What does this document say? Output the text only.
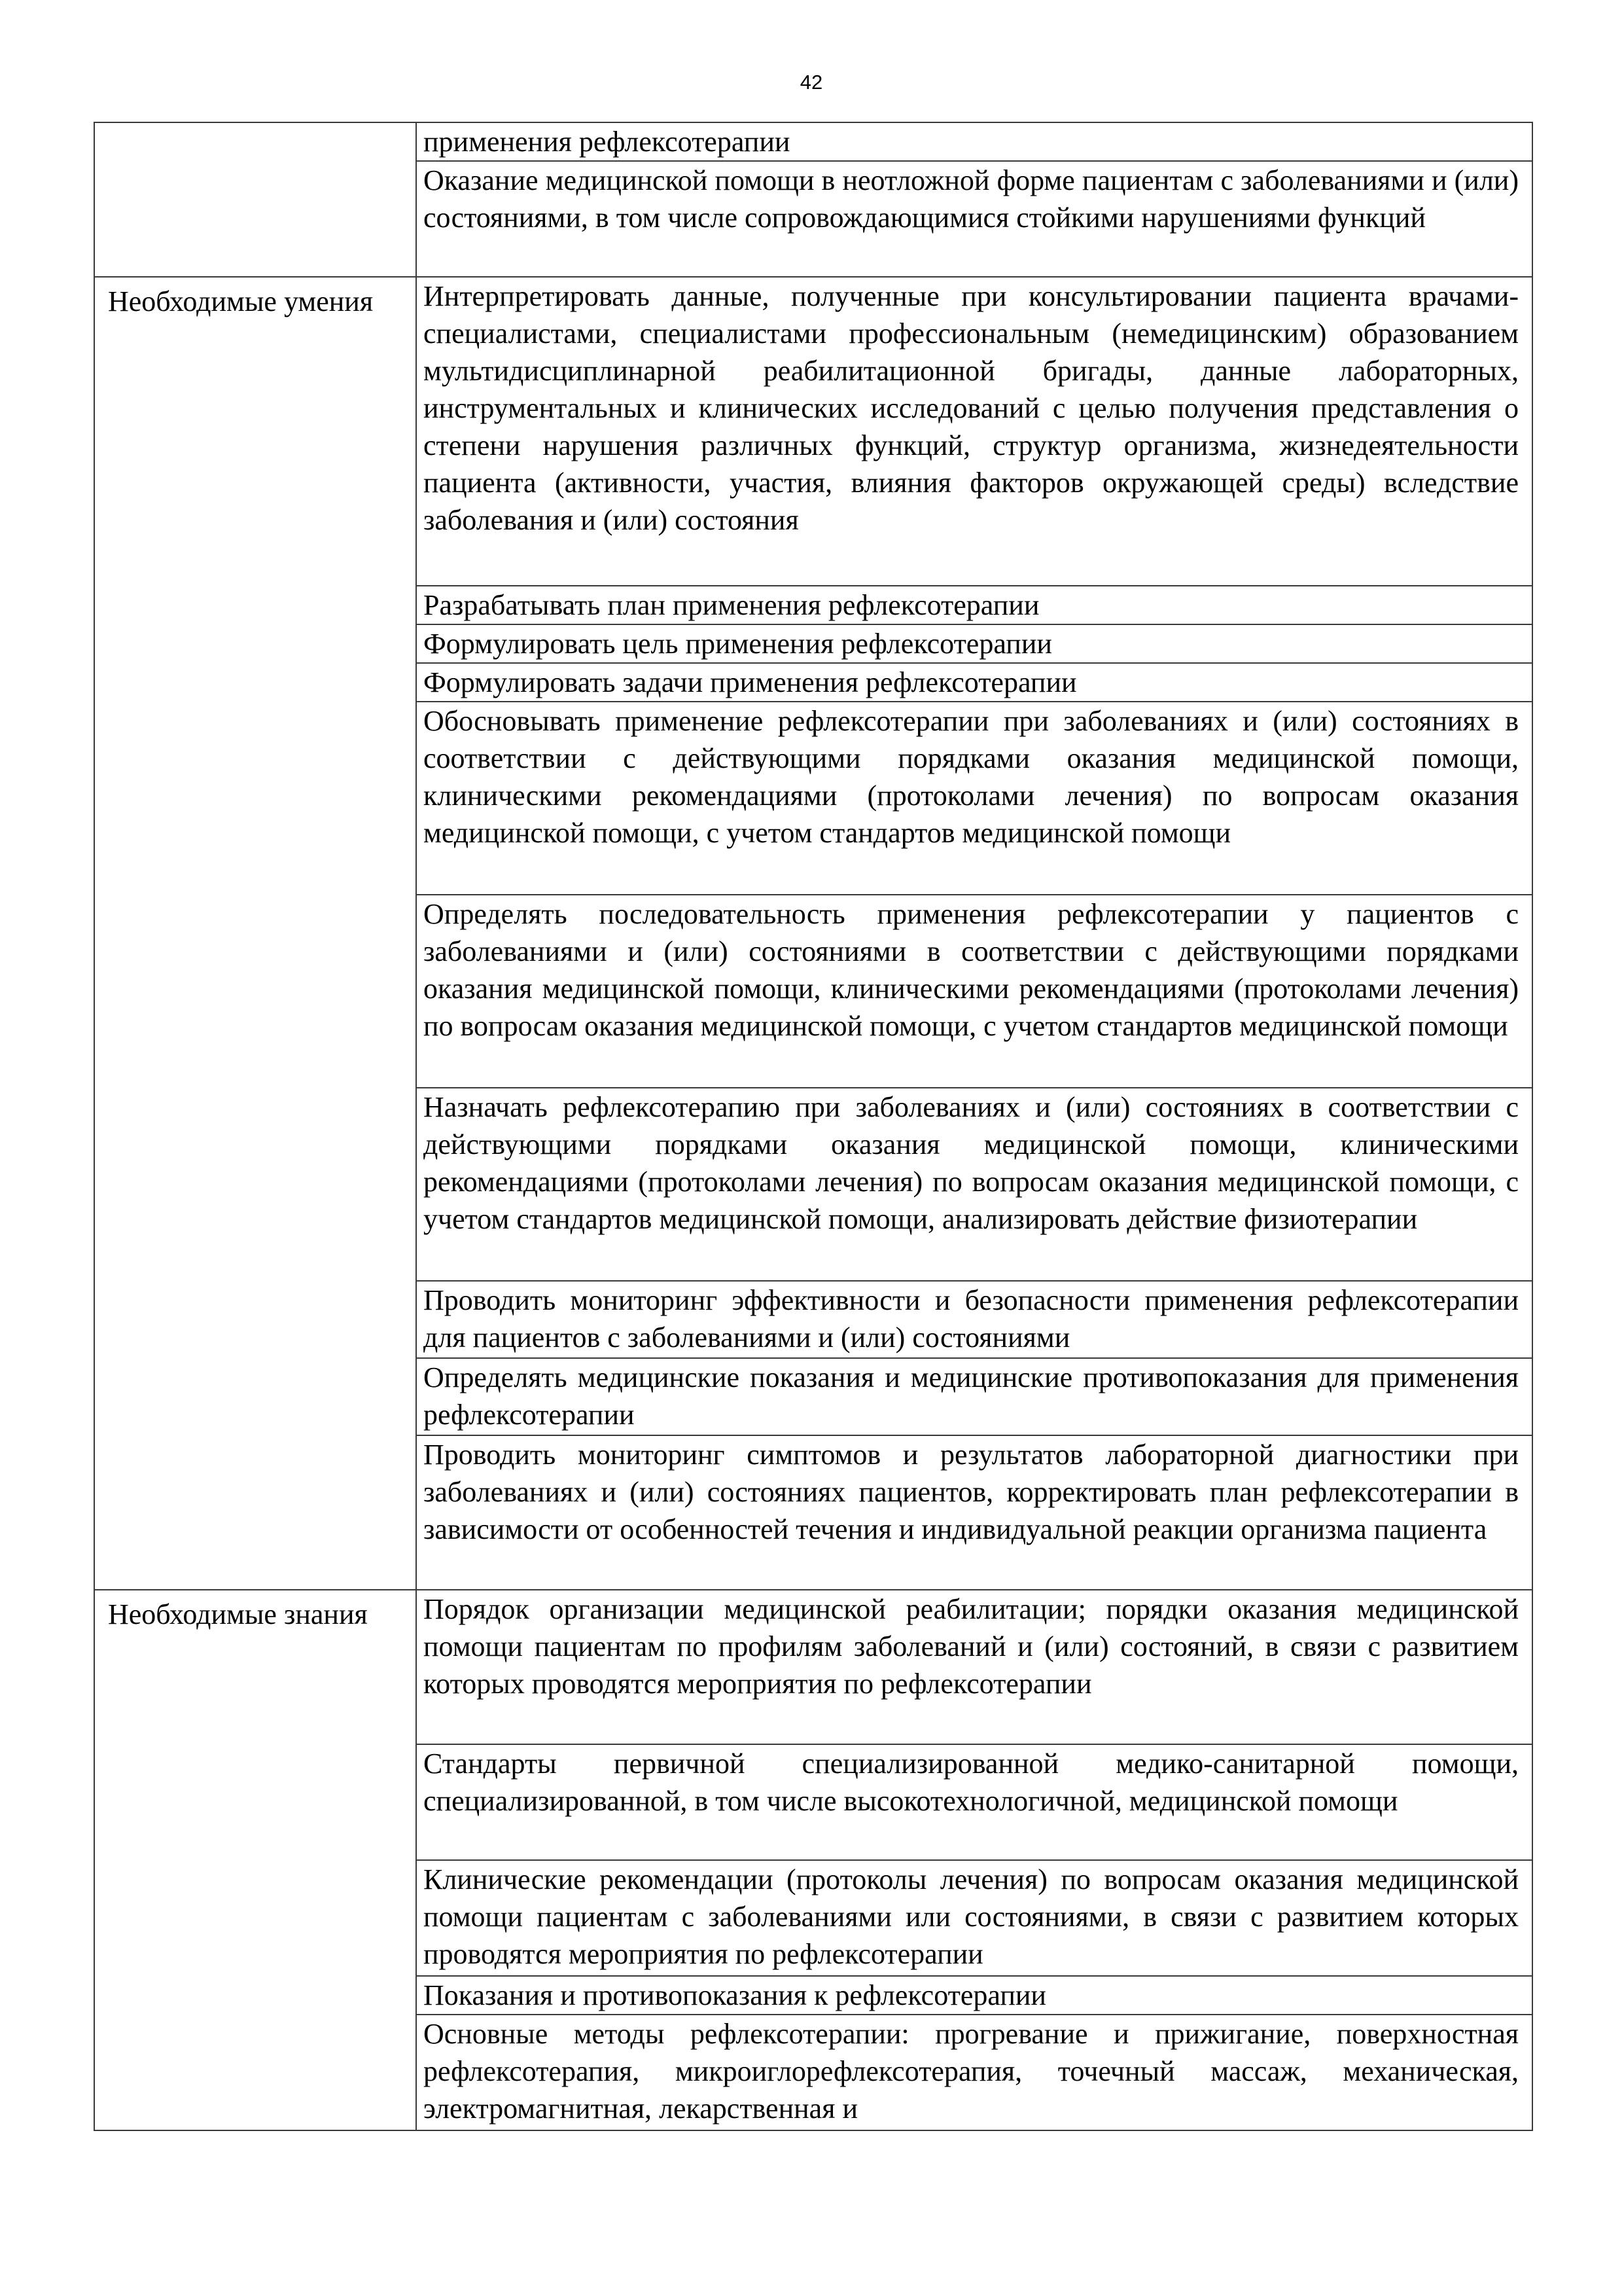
42

	применения рефлексотерапии

	Оказание медицинской помощи в неотложной форме пациентам с заболеваниями и (или) состояниями, в том числе сопровождающимися стойкими нарушениями функций

Необходимые умения	Интерпретировать данные, полученные при консультировании пациента врачами-специалистами, специалистами профессиональным (немедицинским) образованием мультидисциплинарной реабилитационной бригады, данные лабораторных, инструментальных и клинических исследований с целью получения представления о степени нарушения различных функций, структур организма, жизнедеятельности пациента (активности, участия, влияния факторов окружающей среды) вследствие заболевания и (или) состояния

	Разрабатывать план применения рефлексотерапии

	Формулировать цель применения рефлексотерапии

	Формулировать задачи применения рефлексотерапии

	Обосновывать применение рефлексотерапии при заболеваниях и (или) состояниях в соответствии с действующими порядками оказания медицинской помощи, клиническими рекомендациями (протоколами лечения) по вопросам оказания медицинской помощи, с учетом стандартов медицинской помощи

	Определять последовательность применения рефлексотерапии у пациентов с заболеваниями и (или) состояниями в соответствии с действующими порядками оказания медицинской помощи, клиническими рекомендациями (протоколами лечения) по вопросам оказания медицинской помощи, с учетом стандартов медицинской помощи

	Назначать рефлексотерапию при заболеваниях и (или) состояниях в соответствии с действующими порядками оказания медицинской помощи, клиническими рекомендациями (протоколами лечения) по вопросам оказания медицинской помощи, с учетом стандартов медицинской помощи, анализировать действие физиотерапии

	Проводить мониторинг эффективности и безопасности применения рефлексотерапии для пациентов с заболеваниями и (или) состояниями

	Определять медицинские показания и медицинские противопоказания для применения рефлексотерапии

	Проводить мониторинг симптомов и результатов лабораторной диагностики при заболеваниях и (или) состояниях пациентов, корректировать план рефлексотерапии в зависимости от особенностей течения и индивидуальной реакции организма пациента

Необходимые знания	Порядок организации медицинской реабилитации; порядки оказания медицинской помощи пациентам по профилям заболеваний и (или) состояний, в связи с развитием которых проводятся мероприятия по рефлексотерапии

	Стандарты первичной специализированной медико-санитарной помощи, специализированной, в том числе высокотехнологичной, медицинской помощи

	Клинические рекомендации (протоколы лечения) по вопросам оказания медицинской помощи пациентам с заболеваниями или состояниями, в связи с развитием которых проводятся мероприятия по рефлексотерапии

	Показания и противопоказания к рефлексотерапии

	Основные методы рефлексотерапии: прогревание и прижигание, поверхностная рефлексотерапия, микроиглорефлексотерапия, точечный массаж, механическая, электромагнитная, лекарственная и
